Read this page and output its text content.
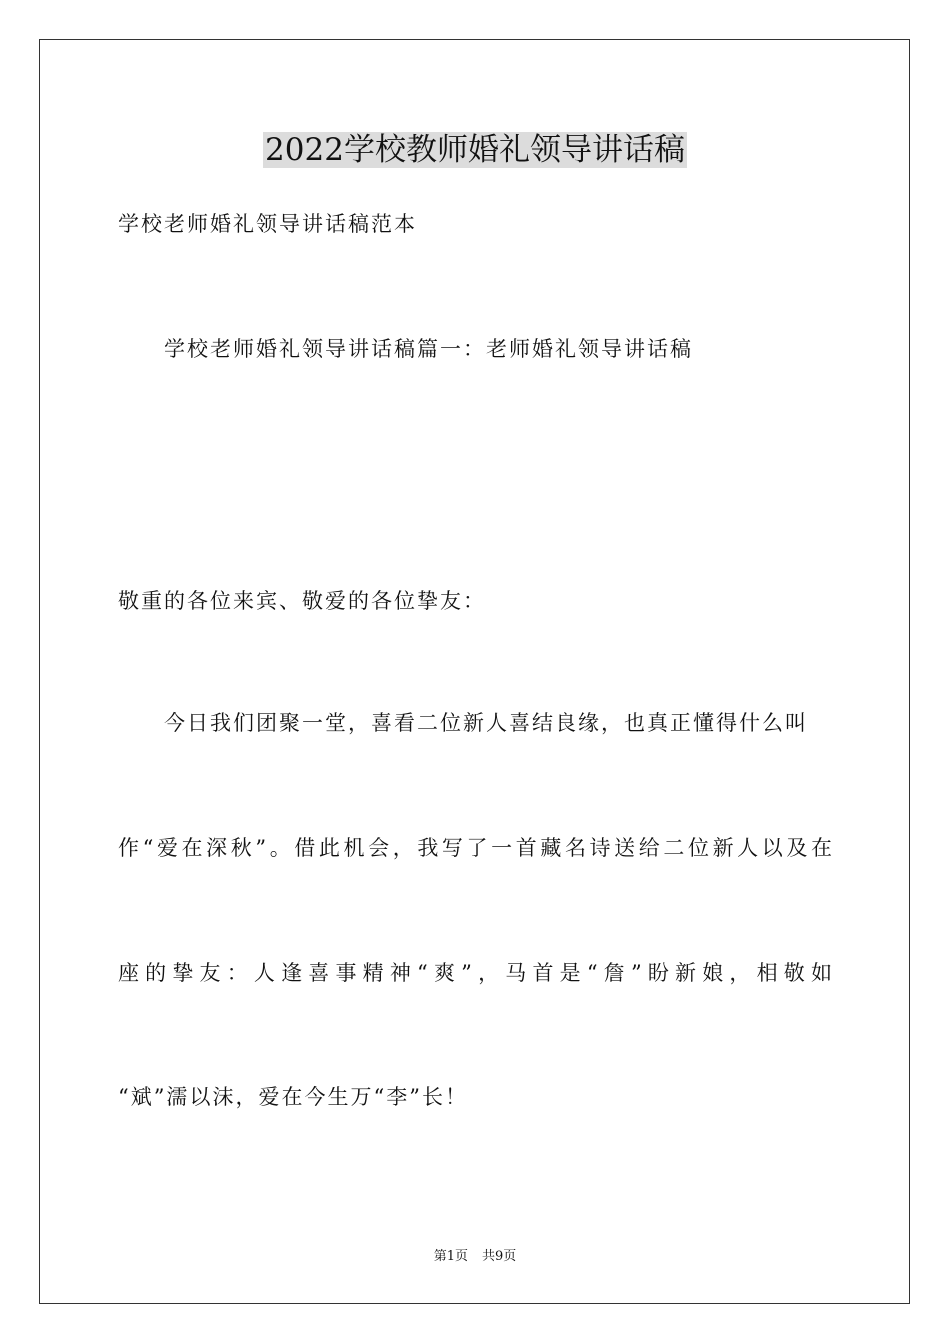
2022学校教师婚礼领导讲话稿
学校老师婚礼领导讲话稿范本
学校老师婚礼领导讲话稿篇一：老师婚礼领导讲话稿
敬重的各位来宾、敬爱的各位挚友：
今日我们团聚一堂，喜看二位新人喜结良缘，也真正懂得什么叫
作“爱在深秋”。借此机会，我写了一首藏名诗送给二位新人以及在
座的挚友：人逢喜事精神“爽”，马首是“詹”盼新娘，相敬如
“斌”濡以沫，爱在今生万“李”长！
第1页 共9页
